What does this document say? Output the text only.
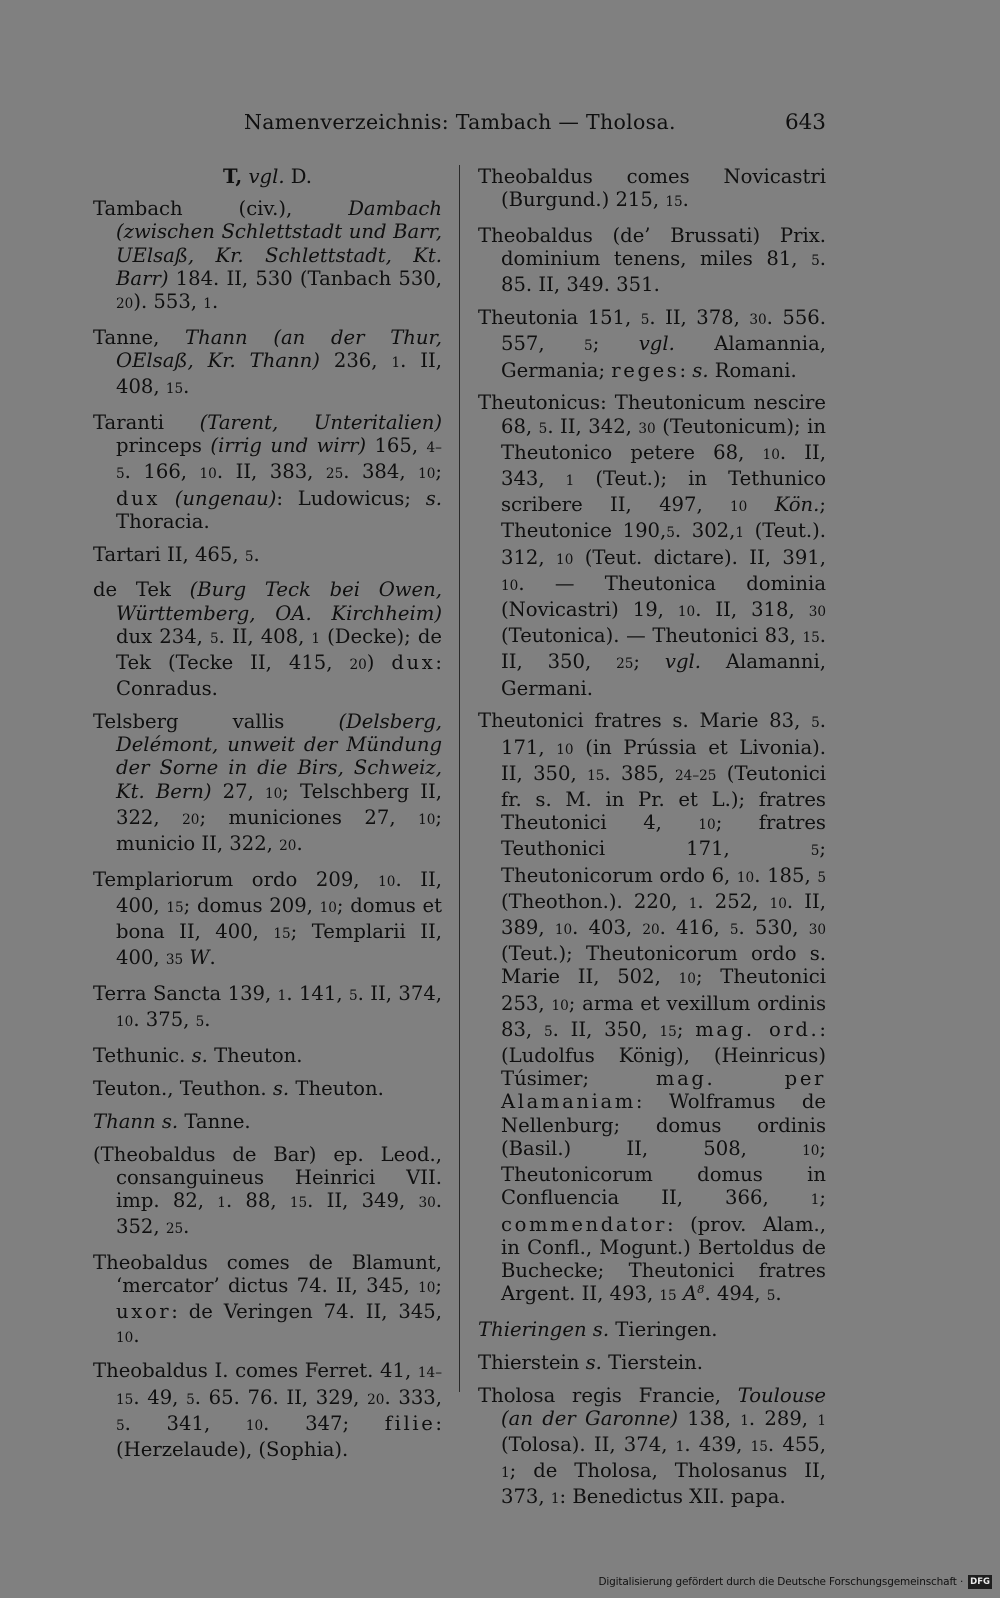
Namenverzeichnis: Tambach — Tholosa.	643
T, vgl. D.

Tambach (civ.), Dambach (zwischen Schlettstadt und Barr, UElsaß, Kr. Schlettstadt, Kt. Barr) 184. II, 530 (Tanbach 530, 20). 553, 1.

Tanne, Thann (an der Thur, OElsaß, Kr. Thann) 236, 1. II, 408, 15.

Taranti (Tarent, Unteritalien) princeps (irrig und wirr) 165, 4–5. 166, 10. II, 383, 25. 384, 10; dux (ungenau): Ludowicus; s. Thoracia.

Tartari II, 465, 5.

de Tek (Burg Teck bei Owen, Württemberg, OA. Kirchheim) dux 234, 5. II, 408, 1 (Decke); de Tek (Tecke II, 415, 20) dux: Conradus.

Telsberg vallis (Delsberg, Delémont, unweit der Mündung der Sorne in die Birs, Schweiz, Kt. Bern) 27, 10; Telschberg II, 322, 20; municiones 27, 10; municio II, 322, 20.

Templariorum ordo 209, 10. II, 400, 15; domus 209, 10; domus et bona II, 400, 15; Templarii II, 400, 35 W.

Terra Sancta 139, 1. 141, 5. II, 374, 10. 375, 5.

Tethunic. s. Theuton.

Teuton., Teuthon. s. Theuton.

Thann s. Tanne.

(Theobaldus de Bar) ep. Leod., consanguineus Heinrici VII. imp. 82, 1. 88, 15. II, 349, 30. 352, 25.

Theobaldus comes de Blamunt, ‘mercator’ dictus 74. II, 345, 10; uxor: de Veringen 74. II, 345, 10.

Theobaldus I. comes Ferret. 41, 14–15. 49, 5. 65. 76. II, 329, 20. 333, 5. 341, 10. 347; filie: (Herzelaude), (Sophia).

Theobaldus comes Novicastri (Burgund.) 215, 15.

Theobaldus (de’ Brussati) Prix. dominium tenens, miles 81, 5. 85. II, 349. 351.

Theutonia 151, 5. II, 378, 30. 556. 557, 5; vgl. Alamannia, Germania; reges: s. Romani.

Theutonicus: Theutonicum nescire 68, 5. II, 342, 30 (Teutonicum); in Theutonico petere 68, 10. II, 343, 1 (Teut.); in Tethunico scribere II, 497, 10 Kön.; Theutonice 190,5. 302,1 (Teut.). 312, 10 (Teut. dictare). II, 391, 10. — Theutonica dominia (Novicastri) 19, 10. II, 318, 30 (Teutonica). — Theutonici 83, 15. II, 350, 25; vgl. Alamanni, Germani.

Theutonici fratres s. Marie 83, 5. 171, 10 (in Prússia et Livonia). II, 350, 15. 385, 24–25 (Teutonici fr. s. M. in Pr. et L.); fratres Theutonici 4, 10; fratres Teuthonici 171, 5; Theutonicorum ordo 6, 10. 185, 5 (Theothon.). 220, 1. 252, 10. II, 389, 10. 403, 20. 416, 5. 530, 30 (Teut.); Theutonicorum ordo s. Marie II, 502, 10; Theutonici 253, 10; arma et vexillum ordinis 83, 5. II, 350, 15; mag. ord.: (Ludolfus König), (Heinricus) Túsimer; mag. per Alamaniam: Wolframus de Nellenburg; domus ordinis (Basil.) II, 508, 10; Theutonicorum domus in Confluencia II, 366, 1; commendator: (prov. Alam., in Confl., Mogunt.) Bertoldus de Buchecke; Theutonici fratres Argent. II, 493, 15 $A^8$. 494, 5.

Thieringen s. Tieringen.

Thierstein s. Tierstein.

Tholosa regis Francie, Toulouse (an der Garonne) 138, 1. 289, 1 (Tolosa). II, 374, 1. 439, 15. 455, 1; de Tholosa, Tholosanus II, 373, 1: Benedictus XII. papa.

Digitalisierung gefördert durch die Deutsche Forschungsgemeinschaft · DFG
